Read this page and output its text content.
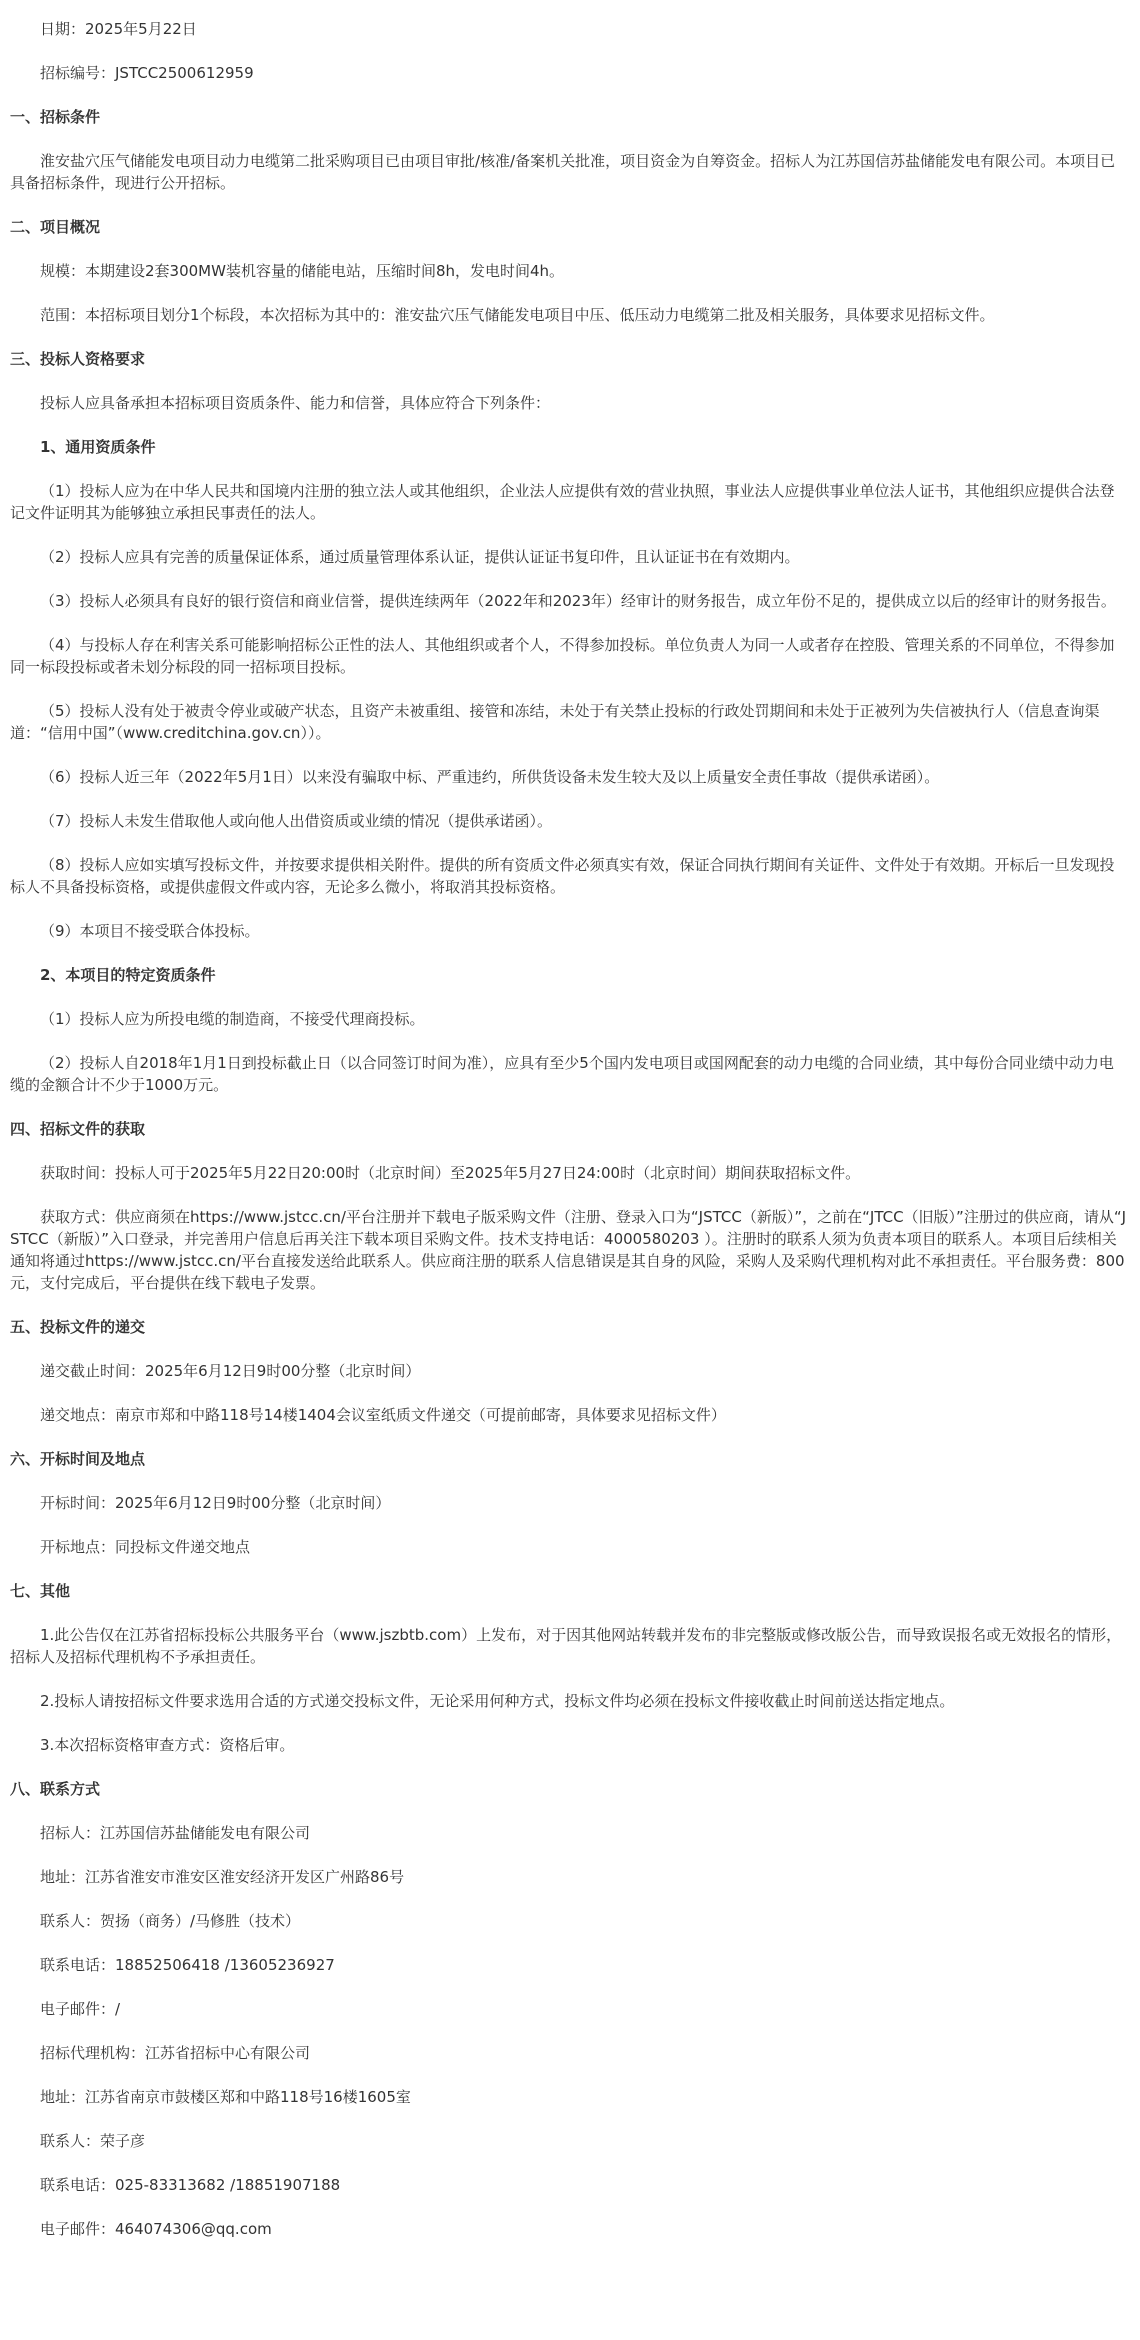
日期：2025年5月22日
招标编号：JSTCC2500612959
一、招标条件
淮安盐穴压气储能发电项目动力电缆第二批采购项目已由项目审批/核准/备案机关批准，项目资金为自筹资金。招标人为江苏国信苏盐储能发电有限公司。本项目已具备招标条件，现进行公开招标。
二、项目概况
规模：本期建设2套300MW装机容量的储能电站，压缩时间8h，发电时间4h。
范围：本招标项目划分1个标段，本次招标为其中的：淮安盐穴压气储能发电项目中压、低压动力电缆第二批及相关服务，具体要求见招标文件。
三、投标人资格要求
投标人应具备承担本招标项目资质条件、能力和信誉，具体应符合下列条件：
1、通用资质条件
（1）投标人应为在中华人民共和国境内注册的独立法人或其他组织，企业法人应提供有效的营业执照，事业法人应提供事业单位法人证书，其他组织应提供合法登记文件证明其为能够独立承担民事责任的法人。
（2）投标人应具有完善的质量保证体系，通过质量管理体系认证，提供认证证书复印件，且认证证书在有效期内。
（3）投标人必须具有良好的银行资信和商业信誉，提供连续两年（2022年和2023年）经审计的财务报告，成立年份不足的，提供成立以后的经审计的财务报告。
（4）与投标人存在利害关系可能影响招标公正性的法人、其他组织或者个人，不得参加投标。单位负责人为同一人或者存在控股、管理关系的不同单位，不得参加同一标段投标或者未划分标段的同一招标项目投标。
（5）投标人没有处于被责令停业或破产状态，且资产未被重组、接管和冻结，未处于有关禁止投标的行政处罚期间和未处于正被列为失信被执行人（信息查询渠道：“信用中国”（www.creditchina.gov.cn））。
（6）投标人近三年（2022年5月1日）以来没有骗取中标、严重违约，所供货设备未发生较大及以上质量安全责任事故（提供承诺函）。
（7）投标人未发生借取他人或向他人出借资质或业绩的情况（提供承诺函）。
（8）投标人应如实填写投标文件，并按要求提供相关附件。提供的所有资质文件必须真实有效，保证合同执行期间有关证件、文件处于有效期。开标后一旦发现投标人不具备投标资格，或提供虚假文件或内容，无论多么微小，将取消其投标资格。
（9）本项目不接受联合体投标。
2、本项目的特定资质条件
（1）投标人应为所投电缆的制造商，不接受代理商投标。
（2）投标人自2018年1月1日到投标截止日（以合同签订时间为准），应具有至少5个国内发电项目或国网配套的动力电缆的合同业绩，其中每份合同业绩中动力电缆的金额合计不少于1000万元。
四、招标文件的获取
获取时间：投标人可于2025年5月22日20:00时（北京时间）至2025年5月27日24:00时（北京时间）期间获取招标文件。
获取方式：供应商须在https://www.jstcc.cn/平台注册并下载电子版采购文件（注册、登录入口为“JSTCC（新版）”，之前在“JTCC（旧版）”注册过的供应商，请从“JSTCC（新版）”入口登录，并完善用户信息后再关注下载本项目采购文件。技术支持电话：4000580203 ）。注册时的联系人须为负责本项目的联系人。本项目后续相关通知将通过https://www.jstcc.cn/平台直接发送给此联系人。供应商注册的联系人信息错误是其自身的风险，采购人及采购代理机构对此不承担责任。平台服务费：800元，支付完成后，平台提供在线下载电子发票。
五、投标文件的递交
递交截止时间：2025年6月12日9时00分整（北京时间）
递交地点：南京市郑和中路118号14楼1404会议室纸质文件递交（可提前邮寄，具体要求见招标文件）
六、开标时间及地点
开标时间：2025年6月12日9时00分整（北京时间）
开标地点：同投标文件递交地点
七、其他
1.此公告仅在江苏省招标投标公共服务平台（www.jszbtb.com）上发布，对于因其他网站转载并发布的非完整版或修改版公告，而导致误报名或无效报名的情形，招标人及招标代理机构不予承担责任。
2.投标人请按招标文件要求选用合适的方式递交投标文件，无论采用何种方式，投标文件均必须在投标文件接收截止时间前送达指定地点。
3.本次招标资格审查方式：资格后审。
八、联系方式
招标人：江苏国信苏盐储能发电有限公司
地址：江苏省淮安市淮安区淮安经济开发区广州路86号
联系人：贺扬（商务）/马修胜（技术）
联系电话：18852506418 /13605236927
电子邮件：/
招标代理机构：江苏省招标中心有限公司
地址：江苏省南京市鼓楼区郑和中路118号16楼1605室
联系人：荣子彦
联系电话：025-83313682 /18851907188
电子邮件：464074306@qq.com
